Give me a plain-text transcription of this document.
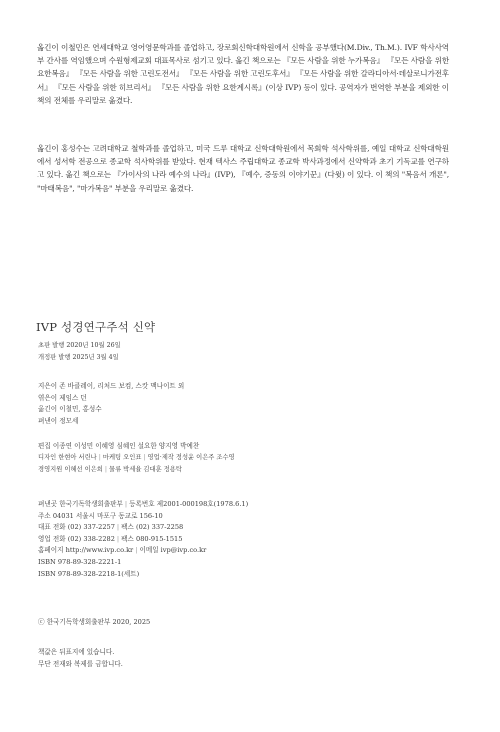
옮긴이 이철민은 연세대학교 영어영문학과를 졸업하고, 장로회신학대학원에서 신학을 공부했다(M.Div., Th.M.). IVF 학사사역부 간사를 역임했으며 수원형제교회 대표목사로 섬기고 있다. 옮긴 책으로는 『모든 사람을 위한 누가복음』 『모든 사람을 위한 요한복음』 『모든 사람을 위한 고린도전서』 『모든 사람을 위한 고린도후서』 『모든 사람을 위한 갈라디아서·데살로니가전후서』 『모든 사람을 위한 히브리서』 『모든 사람을 위한 요한계시록』(이상 IVP) 등이 있다. 공역자가 번역한 부분을 제외한 이 책의 전체를 우리말로 옮겼다.

옮긴이 홍성수는 고려대학교 철학과를 졸업하고, 미국 드루 대학교 신학대학원에서 목회학 석사학위를, 예일 대학교 신학대학원에서 성서학 전공으로 종교학 석사학위를 받았다. 현재 텍사스 주립대학교 종교학 박사과정에서 신약학과 초기 기독교를 연구하고 있다. 옮긴 책으로는 『가이사의 나라 예수의 나라』(IVP), 『예수, 증동의 이야기꾼』(다윗) 이 있다. 이 책의 "복음서 개론", "마태복음", "마가복음" 부분을 우리말로 옮겼다.

IVP 성경연구주석 신약
초판 발행 2020년 10월 26일
개정판 발행 2025년 3월 4일
지은이 존 바클레이, 리처드 보컴, 스캇 맥나이트 외
엮은이 제임스 던
옮긴이 이철민, 홍성수
펴낸이 정모세
편집 이종연 이성민 이혜영 심혜인 설요한 양지영 박예찬
디자인 한현아 서린나 | 마케팅 오인표 | 영업·제작 정성윤 이은주 조수영
경영지원 이혜선 이은희 | 물류 박세율 김대훈 정용탁
펴낸곳 한국기독학생회출판부 | 등록번호 제2001-000198호(1978.6.1)
주소 04031 서울시 마포구 동교로 156-10
대표 전화 (02) 337-2257 | 팩스 (02) 337-2258
영업 전화 (02) 338-2282 | 팩스 080-915-1515
홈페이지 http://www.ivp.co.kr | 이메일 ivp@ivp.co.kr
ISBN 978-89-328-2221-1
ISBN 978-89-328-2218-1(세트)
ⓒ 한국기독학생회출판부 2020, 2025
책값은 뒤표지에 있습니다.
무단 전재와 복제를 금합니다.
